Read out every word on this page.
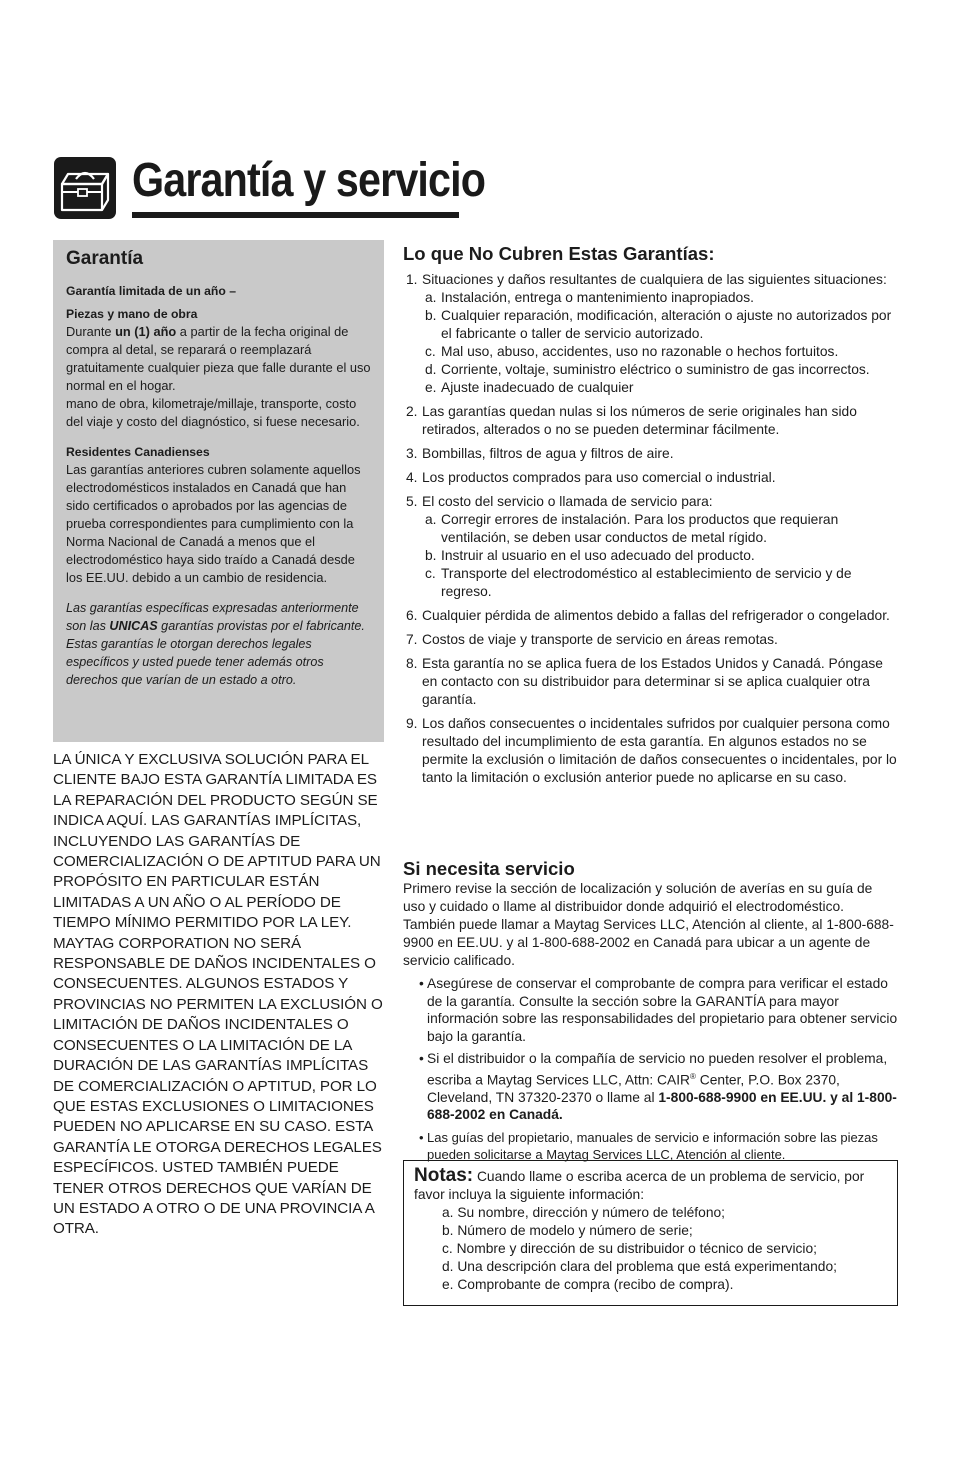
Garantía y servicio
Garantía
Garantía limitada de un año –
Piezas y mano de obra
Durante un (1) año a partir de la fecha original de compra al detal, se reparará o reemplazará gratuitamente cualquier pieza que falle durante el uso normal en el hogar.
mano de obra, kilometraje/millaje, transporte, costo del viaje y costo del diagnóstico, si fuese necesario.
Residentes Canadienses
Las garantías anteriores cubren solamente aquellos electrodomésticos instalados en Canadá que han sido certificados o aprobados por las agencias de prueba correspondientes para cumplimiento con la Norma Nacional de Canadá a menos que el electrodoméstico haya sido traído a Canadá desde los EE.UU. debido a un cambio de residencia.
Las garantías específicas expresadas anteriormente son las UNICAS garantías provistas por el fabricante. Estas garantías le otorgan derechos legales específicos y usted puede tener además otros derechos que varían de un estado a otro.
LA ÚNICA Y EXCLUSIVA SOLUCIÓN PARA EL CLIENTE BAJO ESTA GARANTÍA LIMITADA ES LA REPARACIÓN DEL PRODUCTO SEGÚN SE INDICA AQUÍ. LAS GARANTÍAS IMPLÍCITAS, INCLUYENDO LAS GARANTÍAS DE COMERCIALIZACIÓN O DE APTITUD PARA UN PROPÓSITO EN PARTICULAR ESTÁN LIMITADAS A UN AÑO O AL PERÍODO DE TIEMPO MÍNIMO PERMITIDO POR LA LEY. MAYTAG CORPORATION NO SERÁ RESPONSABLE DE DAÑOS INCIDENTALES O CONSECUENTES. ALGUNOS ESTADOS Y PROVINCIAS NO PERMITEN LA EXCLUSIÓN O LIMITACIÓN DE DAÑOS INCIDENTALES O CONSECUENTES O LA LIMITACIÓN DE LA DURACIÓN DE LAS GARANTÍAS IMPLÍCITAS DE COMERCIALIZACIÓN O APTITUD, POR LO QUE ESTAS EXCLUSIONES O LIMITACIONES PUEDEN NO APLICARSE EN SU CASO. ESTA GARANTÍA LE OTORGA DERECHOS LEGALES ESPECÍFICOS. USTED TAMBIÉN PUEDE TENER OTROS DERECHOS QUE VARÍAN DE UN ESTADO A OTRO O DE UNA PROVINCIA A OTRA.
Lo que No Cubren Estas Garantías:
1. Situaciones y daños resultantes de cualquiera de las siguientes situaciones:
a. Instalación, entrega o mantenimiento inapropiados.
b. Cualquier reparación, modificación, alteración o ajuste no autorizados por el fabricante o taller de servicio autorizado.
c. Mal uso, abuso, accidentes, uso no razonable o hechos fortuitos.
d. Corriente, voltaje, suministro eléctrico o suministro de gas incorrectos.
e. Ajuste inadecuado de cualquier
2. Las garantías quedan nulas si los números de serie originales han sido retirados, alterados o no se pueden determinar fácilmente.
3. Bombillas, filtros de agua y filtros de aire.
4. Los productos comprados para uso comercial o industrial.
5. El costo del servicio o llamada de servicio para:
a. Corregir errores de instalación. Para los productos que requieran ventilación, se deben usar conductos de metal rígido.
b. Instruir al usuario en el uso adecuado del producto.
c. Transporte del electrodoméstico al establecimiento de servicio y de regreso.
6. Cualquier pérdida de alimentos debido a fallas del refrigerador o congelador.
7. Costos de viaje y transporte de servicio en áreas remotas.
8. Esta garantía no se aplica fuera de los Estados Unidos y Canadá. Póngase en contacto con su distribuidor para determinar si se aplica cualquier otra garantía.
9. Los daños consecuentes o incidentales sufridos por cualquier persona como resultado del incumplimiento de esta garantía. En algunos estados no se permite la exclusión o limitación de daños consecuentes o incidentales, por lo tanto la limitación o exclusión anterior puede no aplicarse en su caso.
Si necesita servicio
Primero revise la sección de localización y solución de averías en su guía de uso y cuidado o llame al distribuidor donde adquirió el electrodoméstico. También puede llamar a Maytag Services LLC, Atención al cliente, al 1-800-688-9900 en EE.UU. y al 1-800-688-2002 en Canadá para ubicar a un agente de servicio calificado.
• Asegúrese de conservar el comprobante de compra para verificar el estado de la garantía. Consulte la sección sobre la GARANTÍA para mayor información sobre las responsabilidades del propietario para obtener servicio bajo la garantía.
• Si el distribuidor o la compañía de servicio no pueden resolver el problema, escriba a Maytag Services LLC, Attn: CAIR® Center, P.O. Box 2370, Cleveland, TN 37320-2370 o llame al 1-800-688-9900 en EE.UU. y al 1-800-688-2002 en Canadá.
• Las guías del propietario, manuales de servicio e información sobre las piezas pueden solicitarse a Maytag Services LLC, Atención al cliente.
Notas: Cuando llame o escriba acerca de un problema de servicio, por favor incluya la siguiente información:
a. Su nombre, dirección y número de teléfono;
b. Número de modelo y número de serie;
c. Nombre y dirección de su distribuidor o técnico de servicio;
d. Una descripción clara del problema que está experimentando;
e. Comprobante de compra (recibo de compra).
